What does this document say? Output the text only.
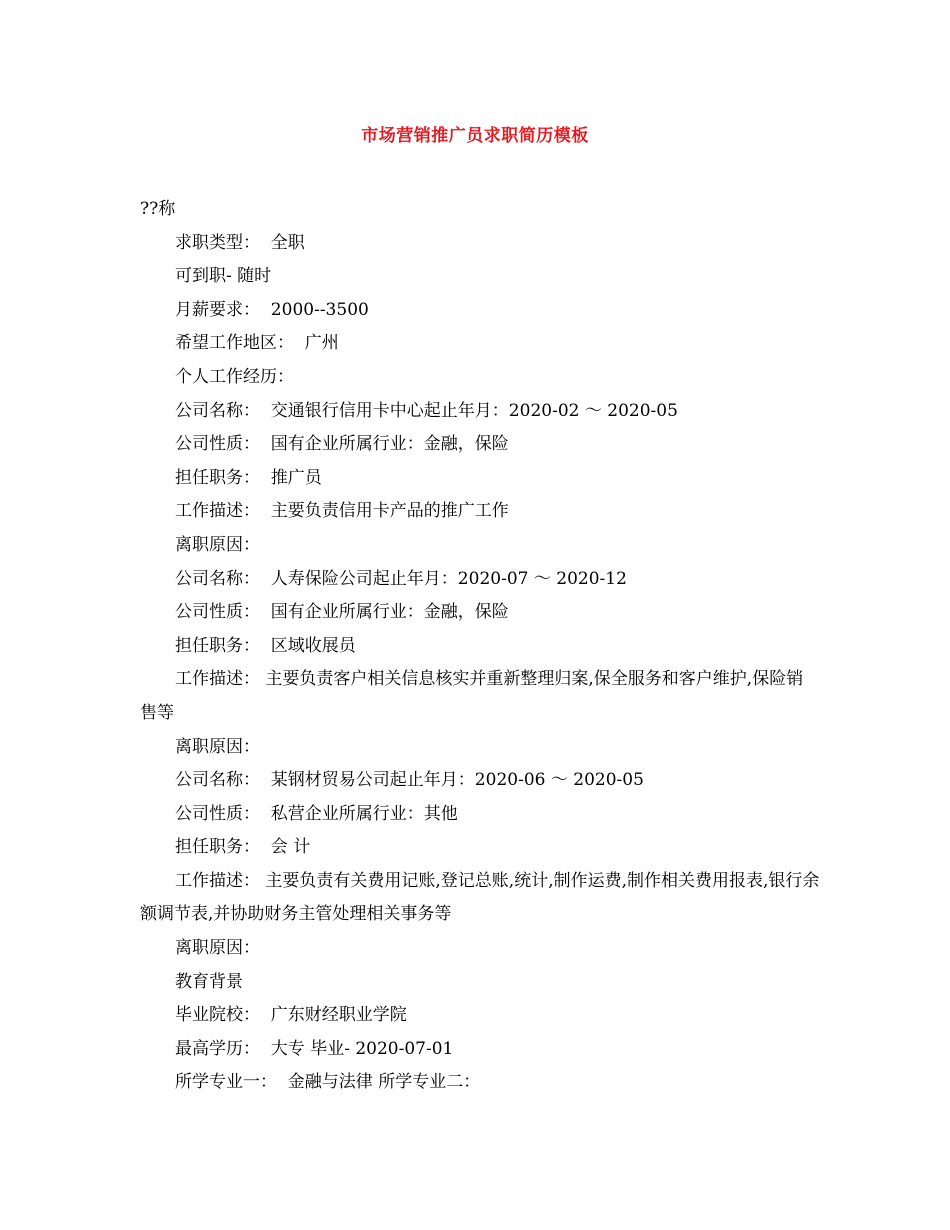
市场营销推广员求职简历模板
??称
求职类型：  全职
可到职- 随时
月薪要求：  2000--3500
希望工作地区：  广州
个人工作经历：
公司名称：  交通银行信用卡中心起止年月：2020-02 ～ 2020-05
公司性质：  国有企业所属行业：金融，保险
担任职务：  推广员
工作描述：  主要负责信用卡产品的推广工作
离职原因：
公司名称：  人寿保险公司起止年月：2020-07 ～ 2020-12
公司性质：  国有企业所属行业：金融，保险
担任职务：  区域收展员
工作描述： 主要负责客户相关信息核实并重新整理归案,保全服务和客户维护,保险销售等
离职原因：
公司名称：  某钢材贸易公司起止年月：2020-06 ～ 2020-05
公司性质：  私营企业所属行业：其他
担任职务：  会 计
工作描述： 主要负责有关费用记账,登记总账,统计,制作运费,制作相关费用报表,银行余额调节表,并协助财务主管处理相关事务等
离职原因：
教育背景
毕业院校：  广东财经职业学院
最高学历：  大专 毕业- 2020-07-01
所学专业一：  金融与法律 所学专业二：
